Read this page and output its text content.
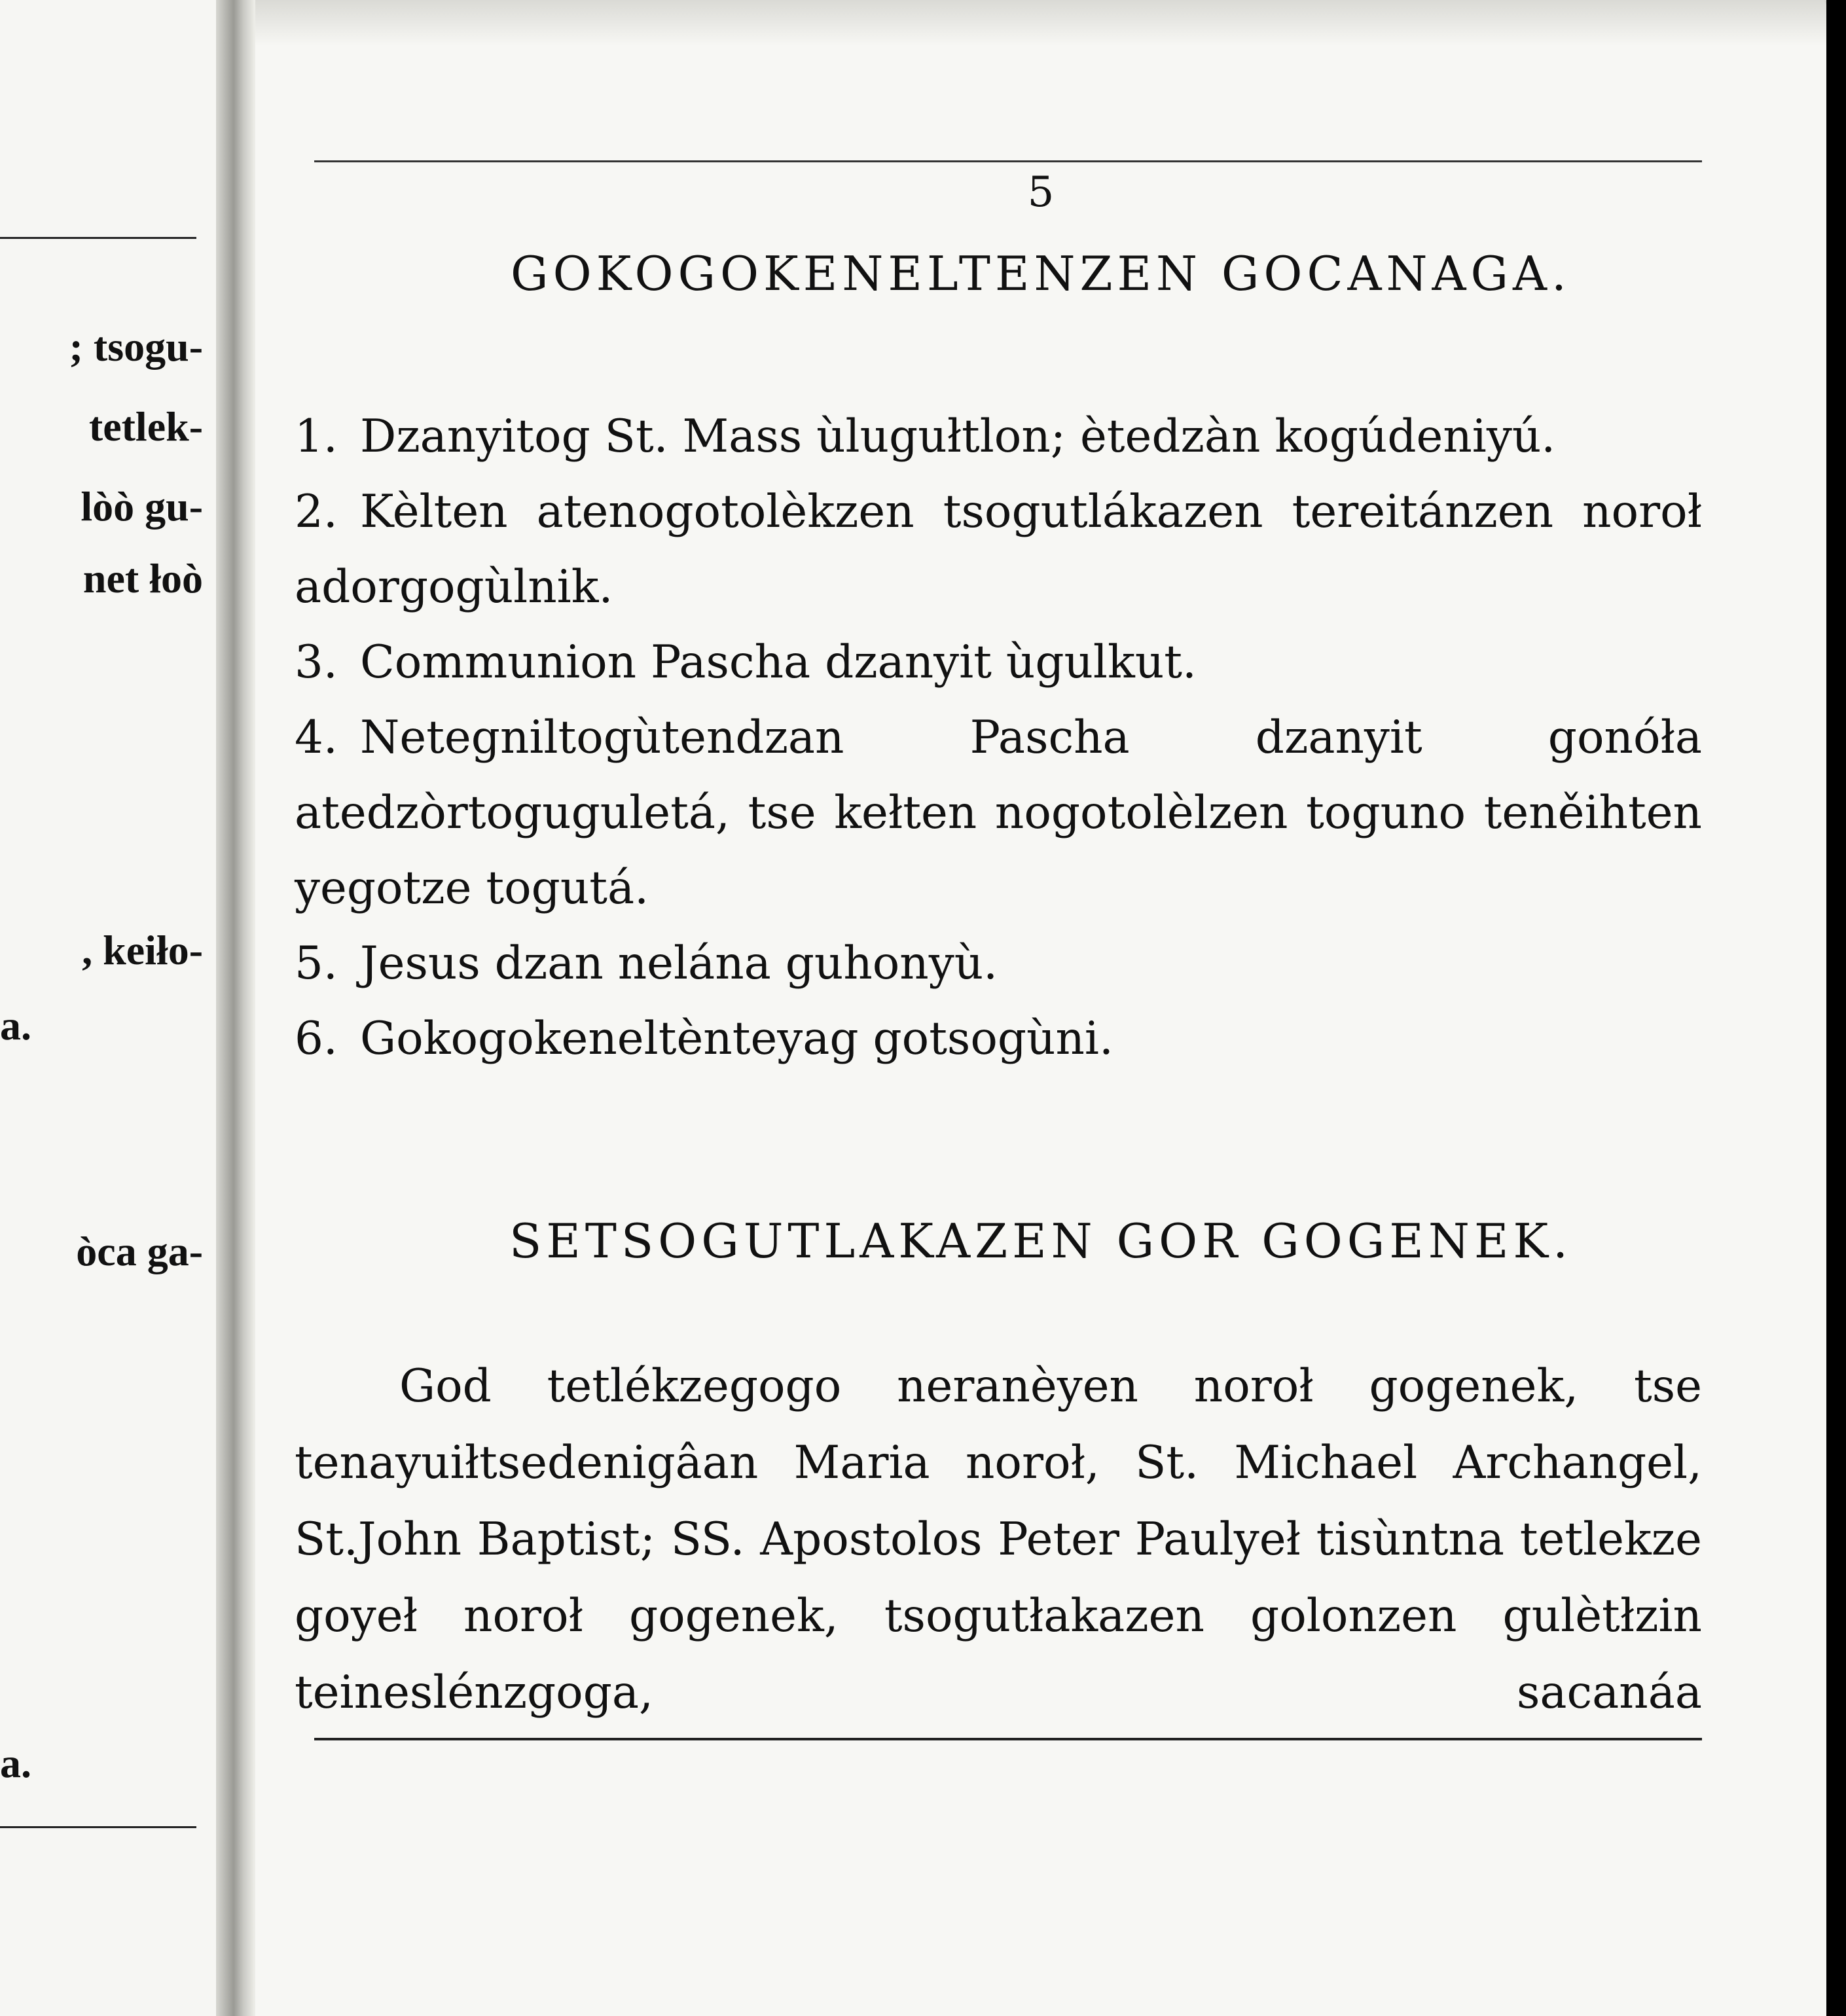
; tsogu-
tetlek-
lòò gu-
net łoò
, keiło-
a.
òca ga-
a.
5
GOKOGOKENELTENZEN GOCANAGA.
1. Dzanyitog St. Mass ùlugułtlon; ètedzàn kogúdeniyú.
2. Kèlten atenogotolèkzen tsogutlákazen tereitánzen noroł adorgogùlnik.
3. Communion Pascha dzanyit ùgulkut.
4. Netegniltogùtendzan Pascha dzanyit gonóła atedzòrtoguguletá, tse kełten nogotolèlzen toguno teněihten yegotze togutá.
5. Jesus dzan nelána guhonyù.
6. Gokogokeneltènteyag gotsogùni.
SETSOGUTLAKAZEN GOR GOGENEK.

God tetlékzegogo neranèyen noroł gogenek, tse tenayuiłtsedenigâan Maria noroł, St. Michael Archangel, St.John Baptist; SS. Apostolos Peter Paulyeł tisùntna tetlekze goyeł noroł gogenek, tsogutłakazen golonzen gulètłzin teineslénzgoga, sacanáa
